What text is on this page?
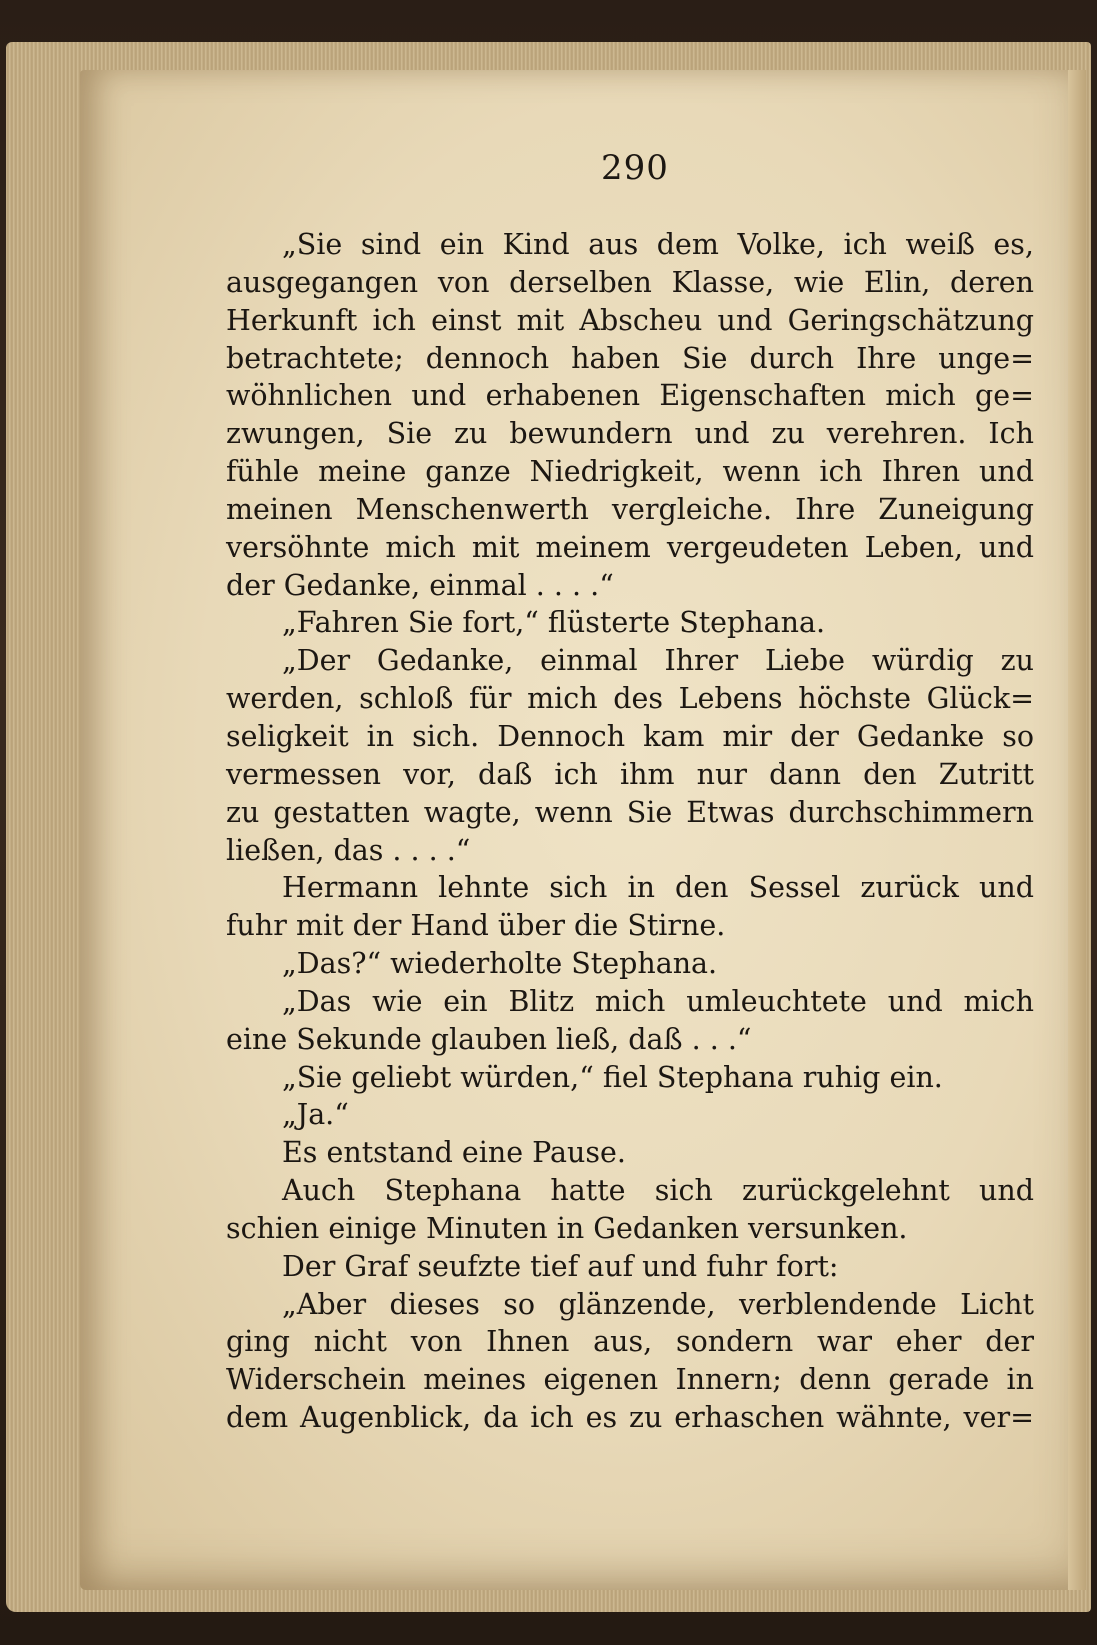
290
„Sie sind ein Kind aus dem Volke, ich weiß es,
ausgegangen von derselben Klasse, wie Elin, deren
Herkunft ich einst mit Abscheu und Geringschätzung
betrachtete; dennoch haben Sie durch Ihre unge=
wöhnlichen und erhabenen Eigenschaften mich ge=
zwungen, Sie zu bewundern und zu verehren. Ich
fühle meine ganze Niedrigkeit, wenn ich Ihren und
meinen Menschenwerth vergleiche. Ihre Zuneigung
versöhnte mich mit meinem vergeudeten Leben, und
der Gedanke, einmal . . . .“
„Fahren Sie fort,“ flüsterte Stephana.
„Der Gedanke, einmal Ihrer Liebe würdig zu
werden, schloß für mich des Lebens höchste Glück=
seligkeit in sich. Dennoch kam mir der Gedanke so
vermessen vor, daß ich ihm nur dann den Zutritt
zu gestatten wagte, wenn Sie Etwas durchschimmern
ließen, das . . . .“
Hermann lehnte sich in den Sessel zurück und
fuhr mit der Hand über die Stirne.
„Das?“ wiederholte Stephana.
„Das wie ein Blitz mich umleuchtete und mich
eine Sekunde glauben ließ, daß . . .“
„Sie geliebt würden,“ fiel Stephana ruhig ein.
„Ja.“
Es entstand eine Pause.
Auch Stephana hatte sich zurückgelehnt und
schien einige Minuten in Gedanken versunken.
Der Graf seufzte tief auf und fuhr fort:
„Aber dieses so glänzende, verblendende Licht
ging nicht von Ihnen aus, sondern war eher der
Widerschein meines eigenen Innern; denn gerade in
dem Augenblick, da ich es zu erhaschen wähnte, ver=
